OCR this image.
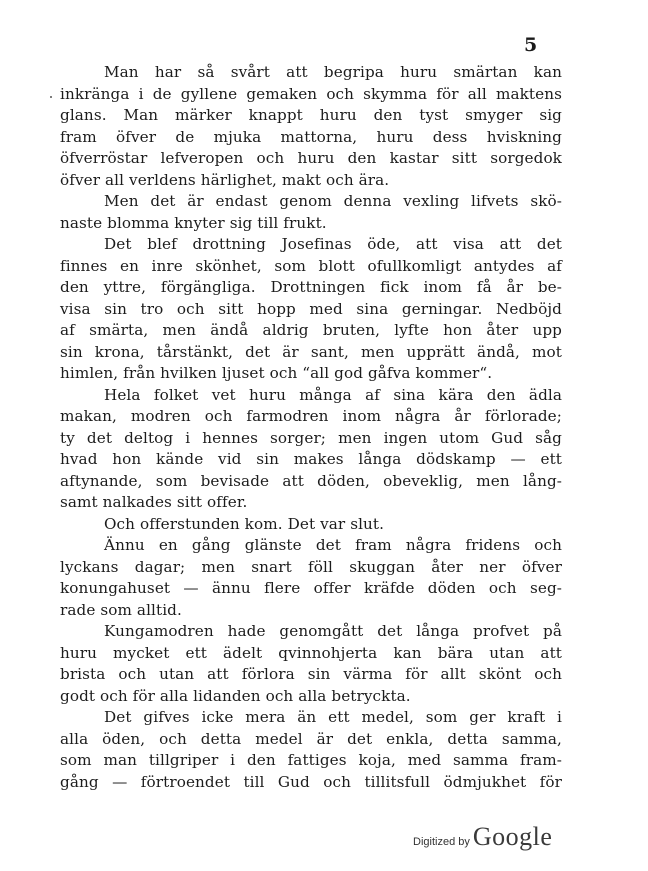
5
Man har så svårt att begripa huru smärtan kan
inkränga i de gyllene gemaken och skymma för all maktens
glans. Man märker knappt huru den tyst smyger sig
fram öfver de mjuka mattorna, huru dess hviskning
öfverröstar lefveropen och huru den kastar sitt sorgedok
öfver all verldens härlighet, makt och ära.
Men det är endast genom denna vexling lifvets skö-
naste blomma knyter sig till frukt.
Det blef drottning Josefinas öde, att visa att det
finnes en inre skönhet, som blott ofullkomligt antydes af
den yttre, förgängliga. Drottningen fick inom få år be-
visa sin tro och sitt hopp med sina gerningar. Nedböjd
af smärta, men ändå aldrig bruten, lyfte hon åter upp
sin krona, tårstänkt, det är sant, men upprätt ändå, mot
himlen, från hvilken ljuset och “all god gåfva kommer“.
Hela folket vet huru många af sina kära den ädla
makan, modren och farmodren inom några år förlorade;
ty det deltog i hennes sorger; men ingen utom Gud såg
hvad hon kände vid sin makes långa dödskamp — ett
aftynande, som bevisade att döden, obeveklig, men lång-
samt nalkades sitt offer.
Och offerstunden kom. Det var slut.
Ännu en gång glänste det fram några fridens och
lyckans dagar; men snart föll skuggan åter ner öfver
konungahuset — ännu flere offer kräfde döden och seg-
rade som alltid.
Kungamodren hade genomgått det långa profvet på
huru mycket ett ädelt qvinnohjerta kan bära utan att
brista och utan att förlora sin värma för allt skönt och
godt och för alla lidanden och alla betryckta.
Det gifves icke mera än ett medel, som ger kraft i
alla öden, och detta medel är det enkla, detta samma,
som man tillgriper i den fattiges koja, med samma fram-
gång — förtroendet till Gud och tillitsfull ödmjukhet för
Digitized by Google
